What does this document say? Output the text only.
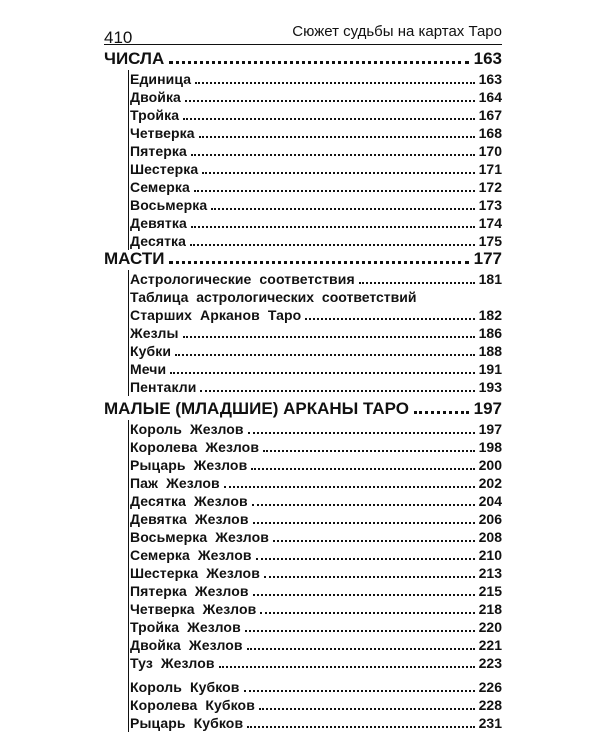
410	Сюжет судьбы на картах Таро
ЧИСЛА	163
Единица	163
Двойка	164
Тройка	167
Четверка	168
Пятерка	170
Шестерка	171
Семерка	172
Восьмерка	173
Девятка	174
Десятка	175
МАСТИ	177
Астрологические соответствия	181
Таблица астрологических соответствий
Старших Арканов Таро	182
Жезлы	186
Кубки	188
Мечи	191
Пентакли	193
МАЛЫЕ (МЛАДШИЕ) АРКАНЫ ТАРО	197
Король Жезлов	197
Королева Жезлов	198
Рыцарь Жезлов	200
Паж Жезлов	202
Десятка Жезлов	204
Девятка Жезлов	206
Восьмерка Жезлов	208
Семерка Жезлов	210
Шестерка Жезлов	213
Пятерка Жезлов	215
Четверка Жезлов	218
Тройка Жезлов	220
Двойка Жезлов	221
Туз Жезлов	223
Король Кубков	226
Королева Кубков	228
Рыцарь Кубков	231
